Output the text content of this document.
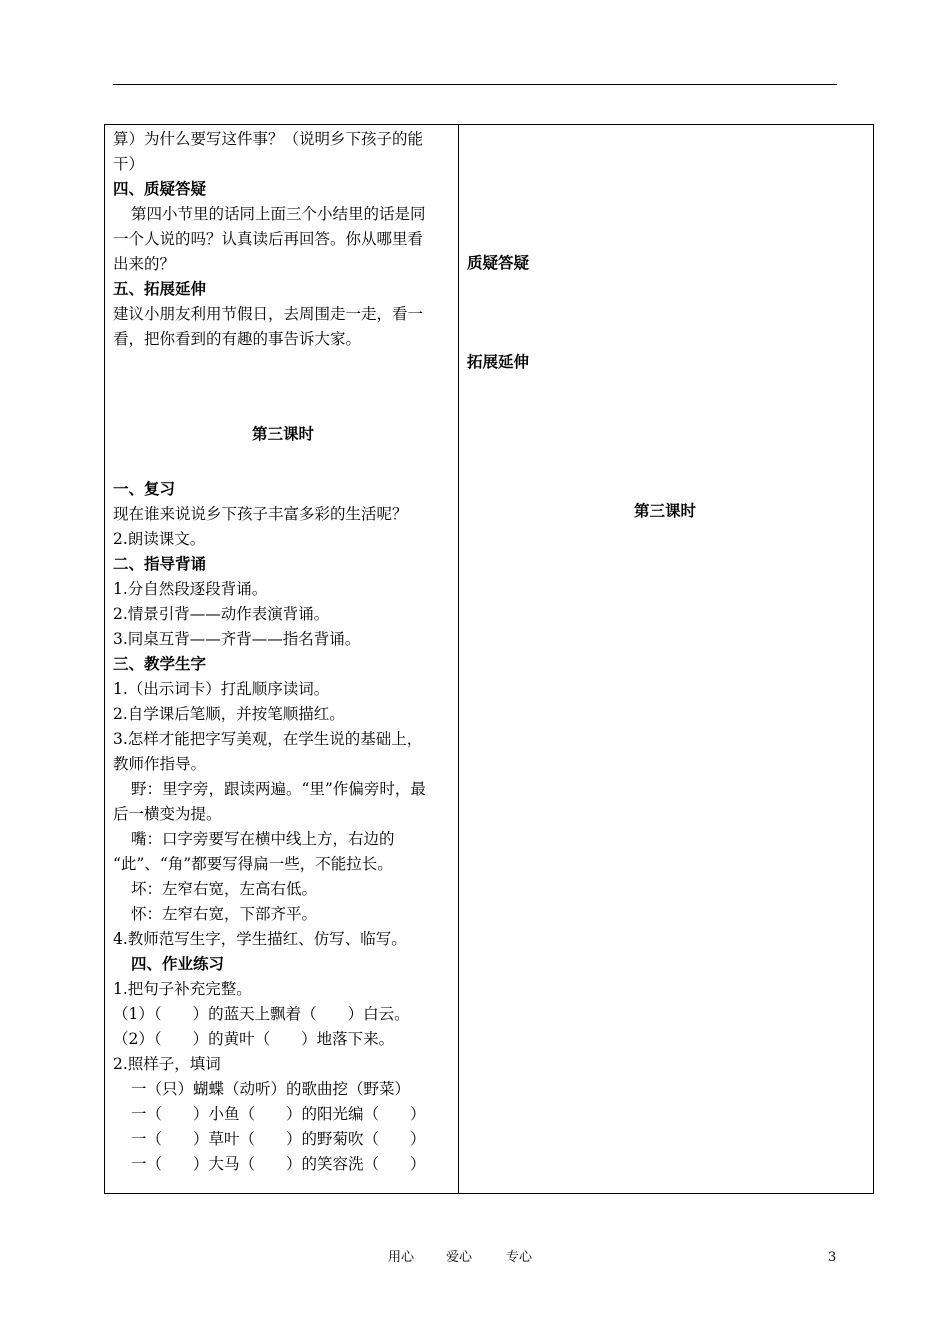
算）为什么要写这件事？（说明乡下孩子的能
干）
四、质疑答疑
第四小节里的话同上面三个小结里的话是同
一个人说的吗？认真读后再回答。你从哪里看
出来的？
五、拓展延伸
建议小朋友利用节假日，去周围走一走，看一
看，把你看到的有趣的事告诉大家。
第三课时
一、复习
现在谁来说说乡下孩子丰富多彩的生活呢？
2.朗读课文。
二、指导背诵
1.分自然段逐段背诵。
2.情景引背——动作表演背诵。
3.同桌互背——齐背——指名背诵。
三、教学生字
1.（出示词卡）打乱顺序读词。
2.自学课后笔顺，并按笔顺描红。
3.怎样才能把字写美观，在学生说的基础上，
教师作指导。
野：里字旁，跟读两遍。“里”作偏旁时，最
后一横变为提。
嘴：口字旁要写在横中线上方，右边的
“此”、“角”都要写得扁一些，不能拉长。
坏：左窄右宽，左高右低。
怀：左窄右宽，下部齐平。
4.教师范写生字，学生描红、仿写、临写。
四、作业练习
1.把句子补充完整。
（1）（　　）的蓝天上飘着（　　）白云。
（2）（　　）的黄叶（　　）地落下来。
2.照样子，填词
一（只）蝴蝶（动听）的歌曲挖（野菜）
一（　　）小鱼（　　）的阳光编（　　）
一（　　）草叶（　　）的野菊吹（　　）
一（　　）大马（　　）的笑容洗（　　）
质疑答疑
拓展延伸
第三课时
用心 爱心	专心	3
